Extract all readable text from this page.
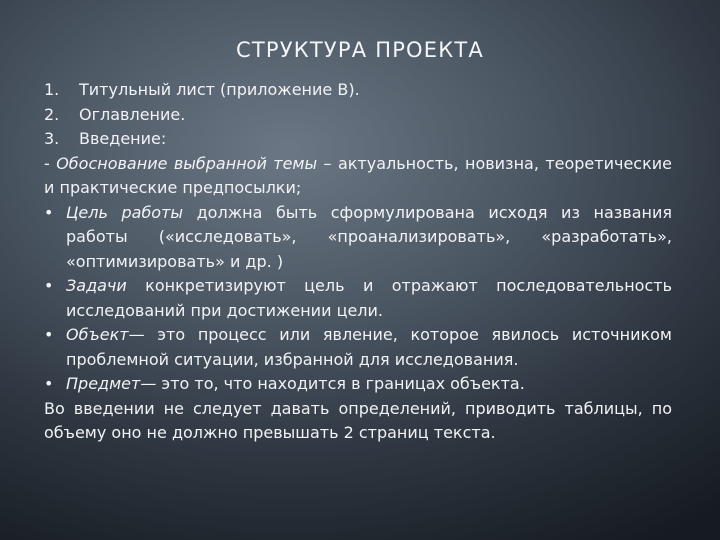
СТРУКТУРА ПРОЕКТА
1.	Титульный лист (приложение В).
2.	Оглавление.
3.	Введение:

- Обоснование выбранной темы – актуальность, новизна, теоретические и практические предпосылки;

• Цель работы должна быть сформулирована исходя из названия работы («исследовать», «проанализировать», «разработать», «оптимизировать» и др. )
• Задачи конкретизируют цель и отражают последовательность исследований при достижении цели.
• Объект— это процесс или явление, которое явилось источником проблемной ситуации, избранной для исследования.
• Предмет— это то, что находится в границах объекта.

Во введении не следует давать определений, приводить таблицы, по объему оно не должно превышать 2 страниц текста.
